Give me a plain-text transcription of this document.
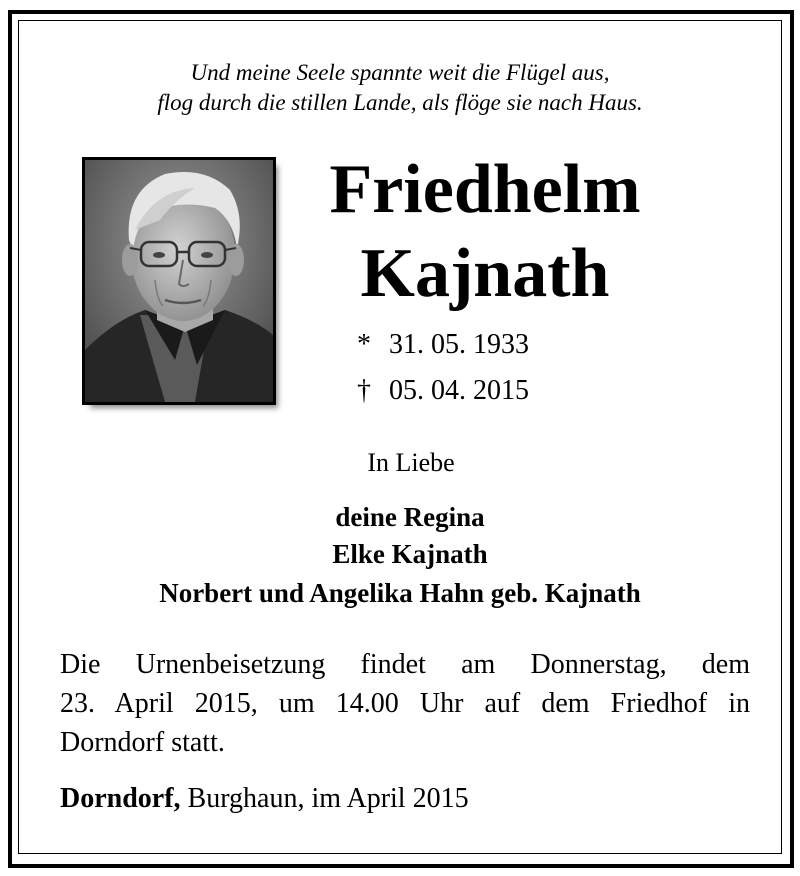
Und meine Seele spannte weit die Flügel aus,
flog durch die stillen Lande, als flöge sie nach Haus.
Friedhelm
Kajnath
* 31. 05. 1933
† 05. 04. 2015
In Liebe
deine Regina
Elke Kajnath
Norbert und Angelika Hahn geb. Kajnath
Die Urnenbeisetzung findet am Donnerstag, dem
23. April 2015, um 14.00 Uhr auf dem Friedhof in
Dorndorf statt.
Dorndorf, Burghaun, im April 2015
